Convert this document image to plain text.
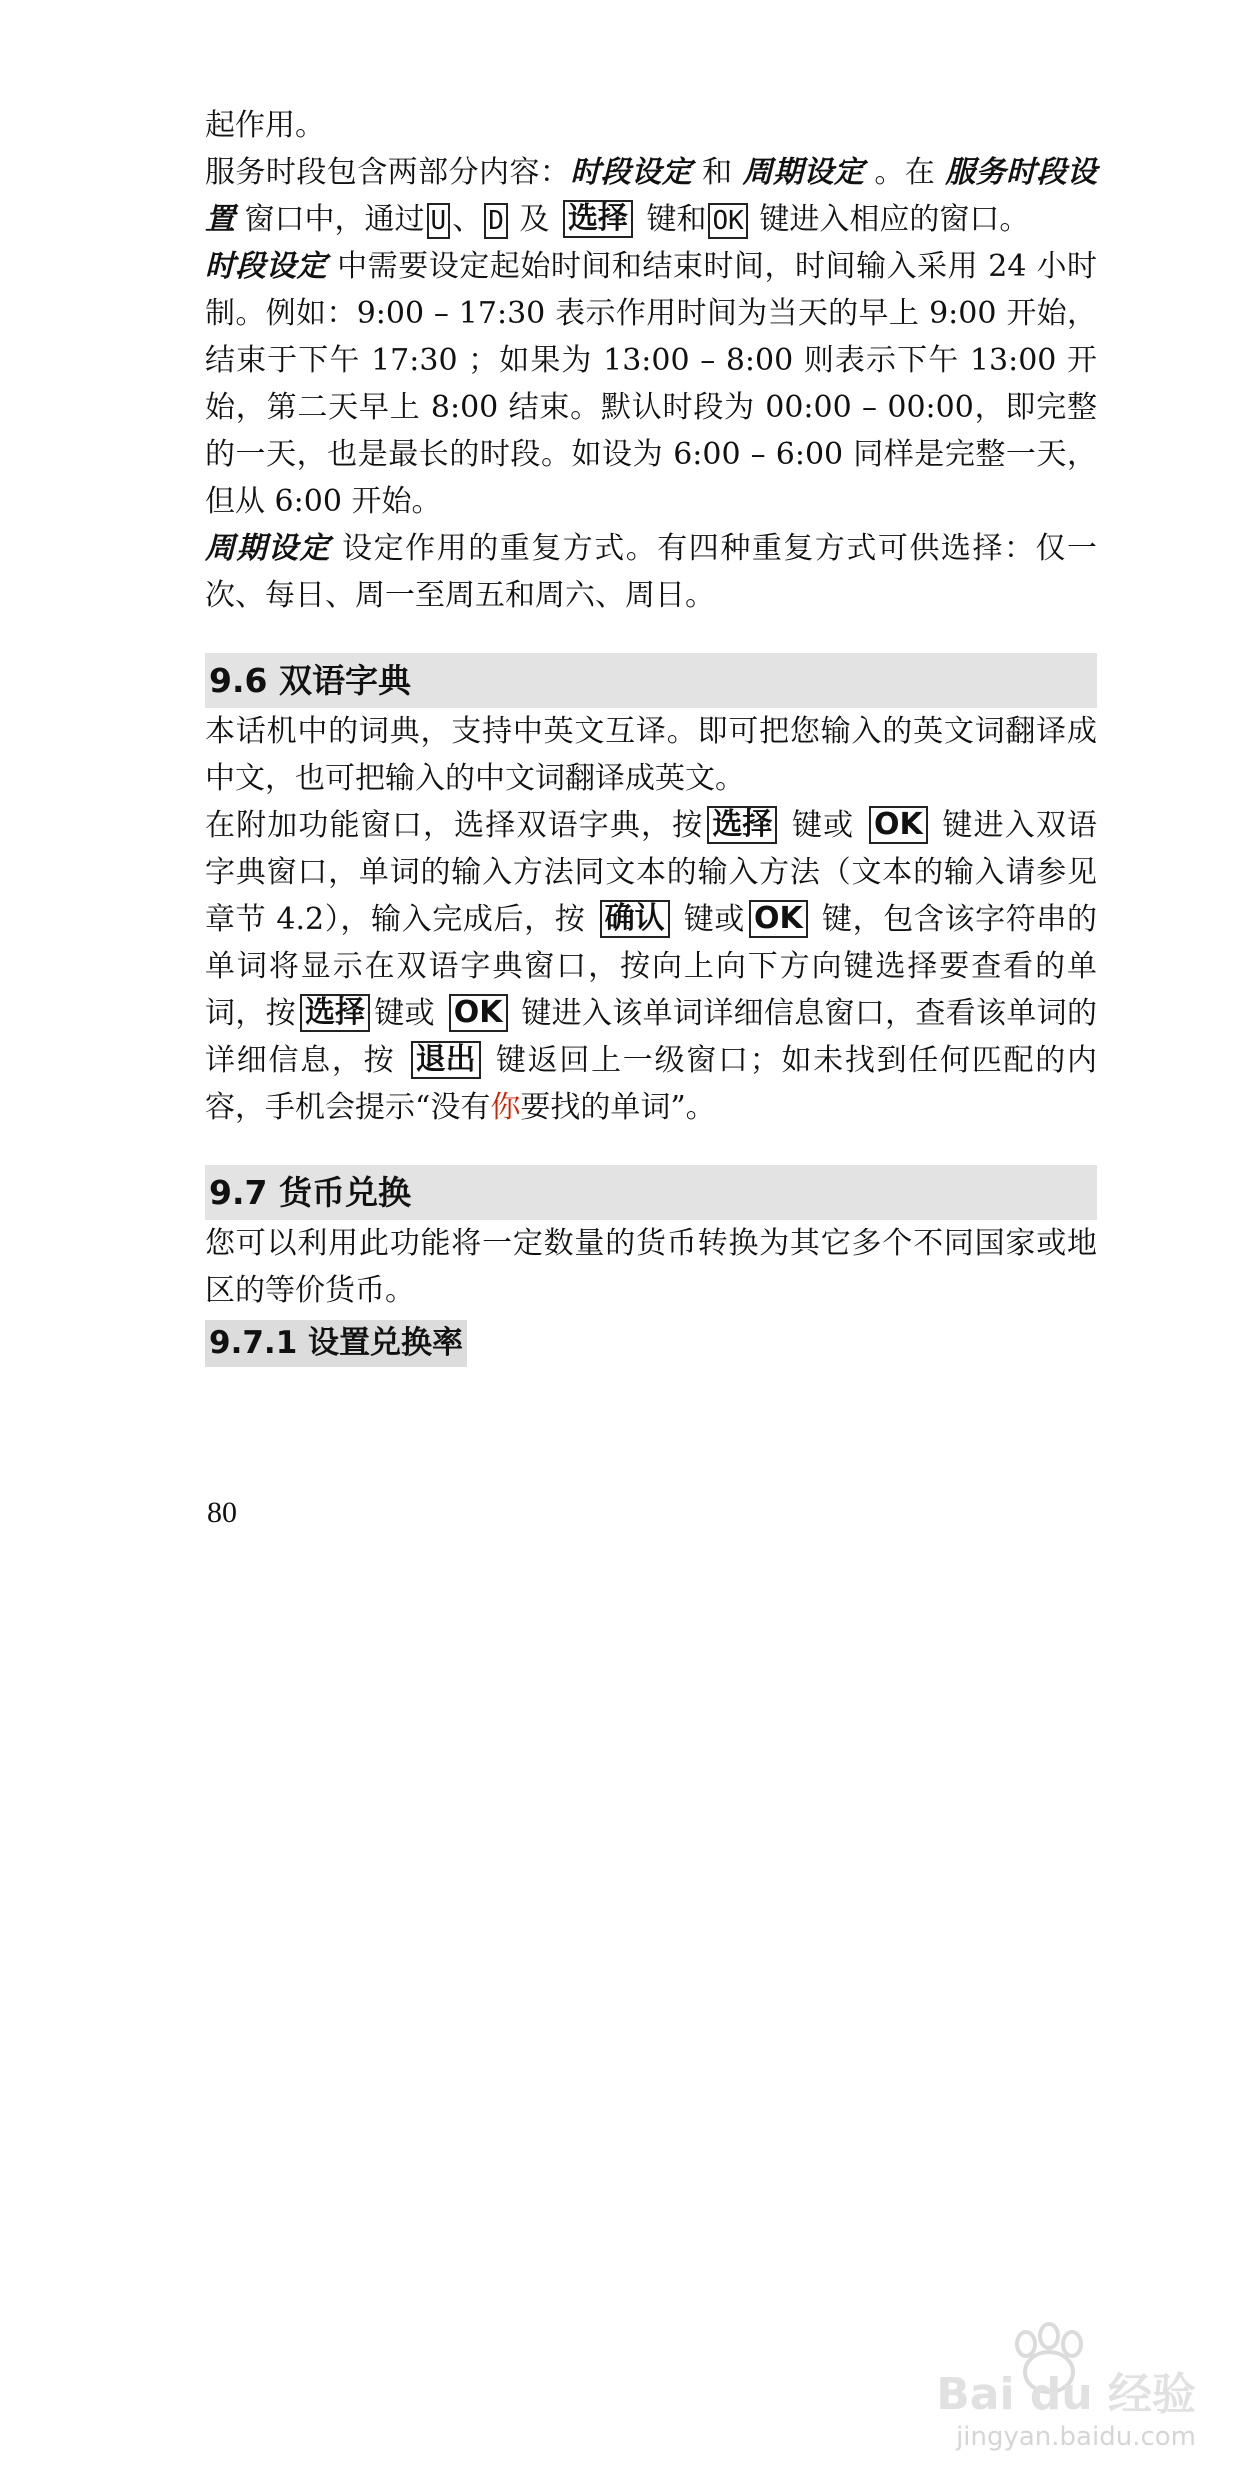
起作用。

服务时段包含两部分内容：时段设定 和 周期设定 。在 服务时段设置 窗口中，通过 U 、 D 及 选择 键和 OK 键进入相应的窗口。

时段设定 中需要设定起始时间和结束时间，时间输入采用 24 小时制。例如：9:00 – 17:30 表示作用时间为当天的早上 9:00 开始，结束于下午 17:30 ；如果为 13:00 – 8:00 则表示下午 13:00 开始，第二天早上 8:00 结束。默认时段为 00:00 – 00:00，即完整的一天，也是最长的时段。如设为 6:00 – 6:00 同样是完整一天，但从 6:00 开始。

周期设定 设定作用的重复方式。有四种重复方式可供选择：仅一次、每日、周一至周五和周六、周日。

9.6 双语字典

本话机中的词典，支持中英文互译。即可把您输入的英文词翻译成中文，也可把输入的中文词翻译成英文。

在附加功能窗口，选择双语字典，按 选择 键或 OK 键进入双语字典窗口，单词的输入方法同文本的输入方法（文本的输入请参见章节 4.2），输入完成后，按 确认 键或 OK 键，包含该字符串的单词将显示在双语字典窗口，按向上向下方向键选择要查看的单词，按 选择 键或 OK 键进入该单词详细信息窗口，查看该单词的详细信息，按 退出 键返回上一级窗口；如未找到任何匹配的内容，手机会提示“没有你要找的单词”。

9.7 货币兑换

您可以利用此功能将一定数量的货币转换为其它多个不同国家或地区的等价货币。

9.7.1 设置兑换率
80
Bai du 经验
jingyan.baidu.com
